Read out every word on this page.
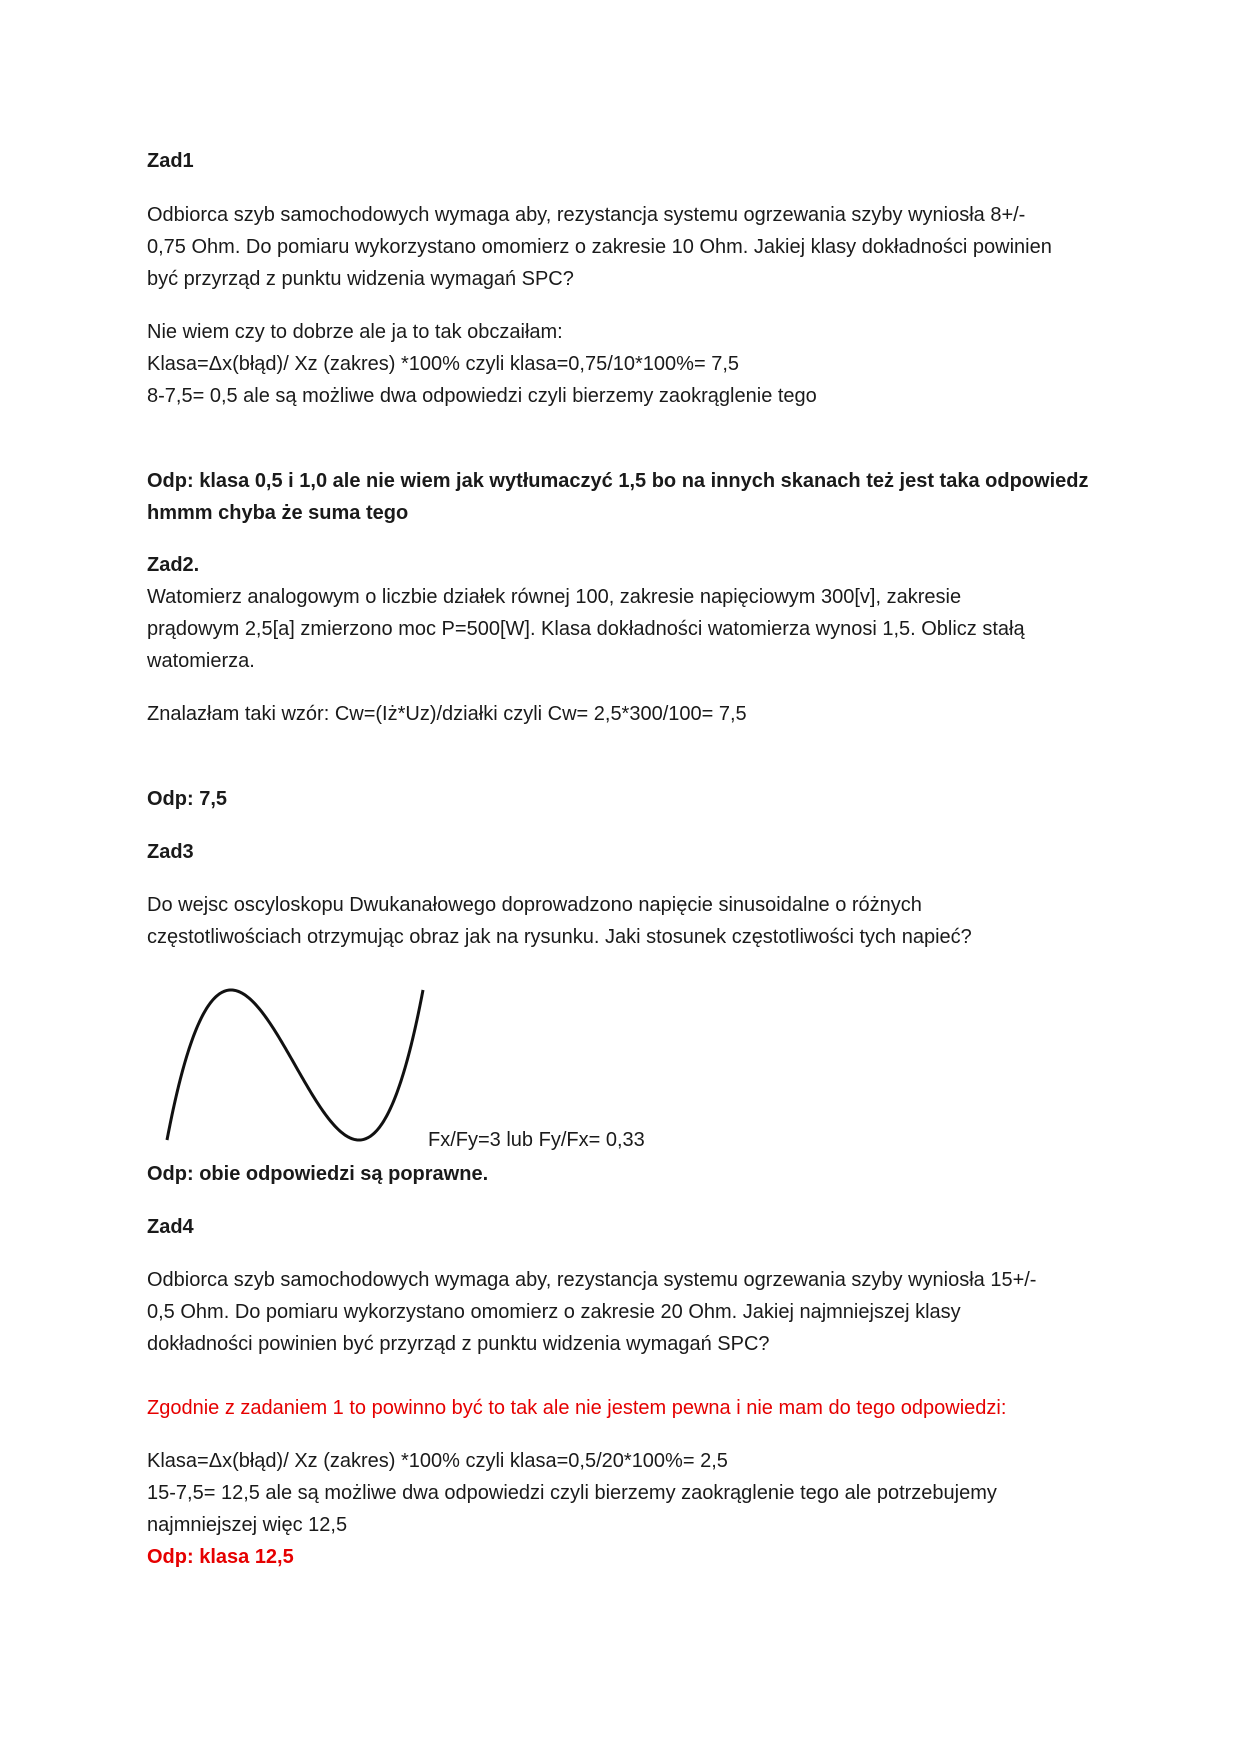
Zad1
Odbiorca szyb samochodowych wymaga aby, rezystancja systemu ogrzewania szyby wyniosła 8+/-
0,75 Ohm. Do pomiaru wykorzystano omomierz o zakresie 10 Ohm. Jakiej klasy dokładności powinien
być przyrząd z punktu widzenia wymagań SPC?
Nie wiem czy to dobrze ale ja to tak obczaiłam:
Klasa=Δx(błąd)/ Xz (zakres) *100% czyli klasa=0,75/10*100%= 7,5
8-7,5= 0,5 ale są możliwe dwa odpowiedzi czyli bierzemy zaokrąglenie tego
Odp: klasa 0,5 i 1,0 ale nie wiem jak wytłumaczyć 1,5 bo na innych skanach też jest taka odpowiedz
hmmm chyba że suma tego
Zad2.
Watomierz analogowym o liczbie działek równej 100, zakresie napięciowym 300[v], zakresie
prądowym 2,5[a] zmierzono moc P=500[W]. Klasa dokładności watomierza wynosi 1,5. Oblicz stałą
watomierza.
Znalazłam taki wzór: Cw=(Iż*Uz)/działki czyli Cw= 2,5*300/100= 7,5
Odp: 7,5
Zad3
Do wejsc oscyloskopu Dwukanałowego doprowadzono napięcie sinusoidalne o różnych
częstotliwościach otrzymując obraz jak na rysunku. Jaki stosunek częstotliwości tych napieć?
Fx/Fy=3 lub Fy/Fx= 0,33
Odp: obie odpowiedzi są poprawne.
Zad4
Odbiorca szyb samochodowych wymaga aby, rezystancja systemu ogrzewania szyby wyniosła 15+/-
0,5 Ohm. Do pomiaru wykorzystano omomierz o zakresie 20 Ohm. Jakiej najmniejszej klasy
dokładności powinien być przyrząd z punktu widzenia wymagań SPC?
Zgodnie z zadaniem 1 to powinno być to tak ale nie jestem pewna i nie mam do tego odpowiedzi:
Klasa=Δx(błąd)/ Xz (zakres) *100% czyli klasa=0,5/20*100%= 2,5
15-7,5= 12,5 ale są możliwe dwa odpowiedzi czyli bierzemy zaokrąglenie tego ale potrzebujemy
najmniejszej więc 12,5
Odp: klasa 12,5
